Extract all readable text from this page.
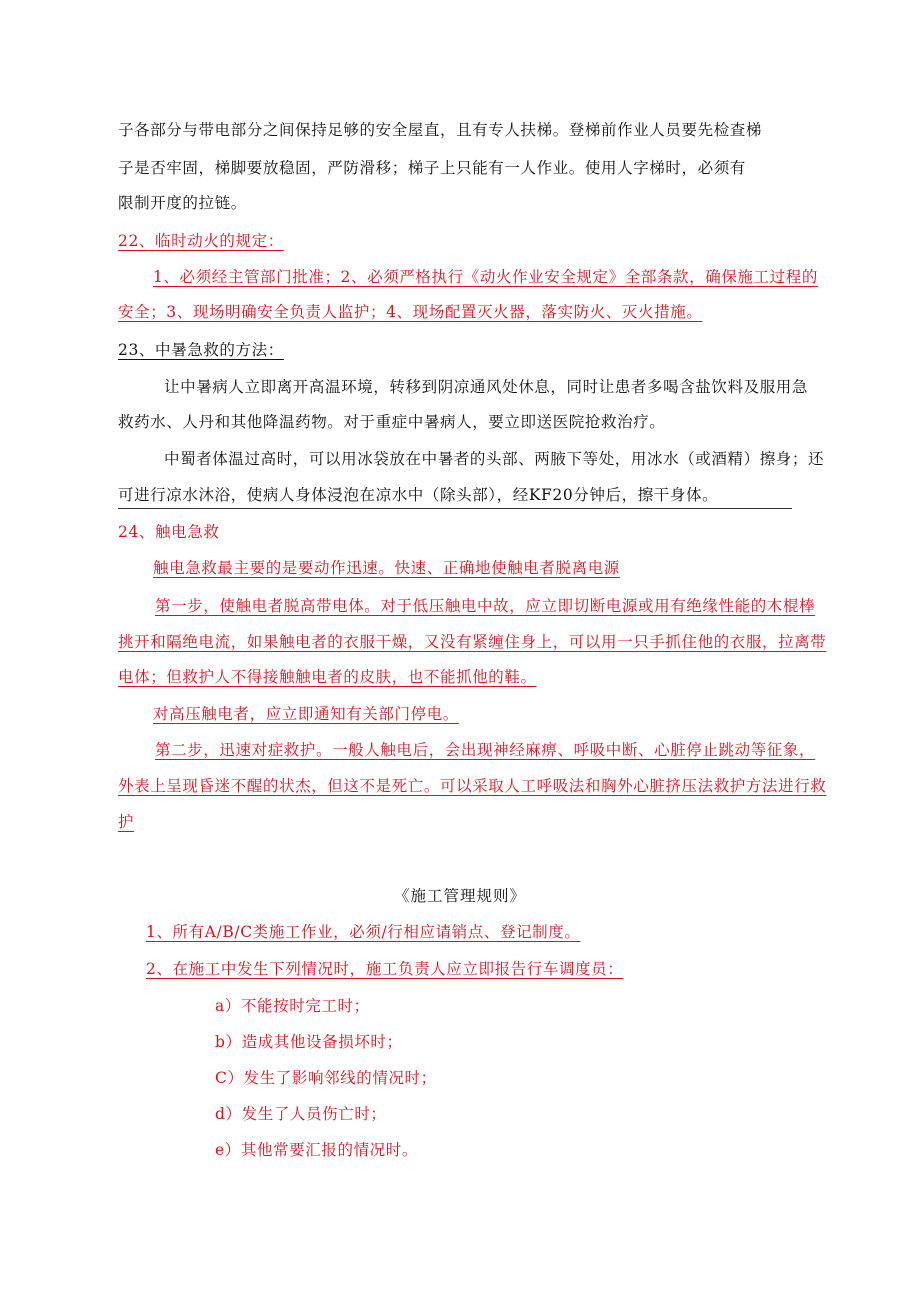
子各部分与带电部分之间保持足够的安全屋直，且有专人扶梯。登梯前作业人员要先检查梯
子是否牢固，梯脚要放稳固，严防滑移；梯子上只能有一人作业。使用人字梯时，必须有
限制开度的拉链。
22、临时动火的规定：
1、必须经主管部门批准；2、必须严格执行《动火作业安全规定》全部条款，确保施工过程的
安全；3、现场明确安全负责人监护；4、现场配置灭火器，落实防火、灭火措施。
23、中暑急救的方法：
让中暑病人立即离开高温环境，转移到阴凉通风处休息，同时让患者多喝含盐饮料及服用急
救药水、人丹和其他降温药物。对于重症中暑病人，要立即送医院抢救治疗。
中蜀者体温过高时，可以用冰袋放在中暑者的头部、两腋下等处，用冰水（或酒精）擦身；还
可进行凉水沐浴，使病人身体浸泡在凉水中（除头部），经KF20分钟后，擦干身体。
24、触电急救
触电急救最主要的是要动作迅速。快速、正确地使触电者脱离电源
第一步，使触电者脱高带电体。对于低压触电中故，应立即切断电源或用有绝缘性能的木棍棒
挑开和隔绝电流，如果触电者的衣服干燥，又没有紧缠住身上，可以用一只手抓住他的衣服，拉离带
电体；但救护人不得接触触电者的皮肤，也不能抓他的鞋。
对高压触电者，应立即通知有关部门停电。
第二步，迅速对症救护。一般人触电后，会出现神经麻痹、呼吸中断、心脏停止跳动等征象，
外表上呈现昏迷不醒的状杰，但这不是死亡。可以采取人工呼吸法和胸外心脏挤压法救护方法进行救
护
《施工管理规则》
1、所有A/B/C类施工作业，必须/行相应请销点、登记制度。
2、在施工中发生下列情况时，施工负责人应立即报告行车调度员：
a）不能按时完工时；
b）造成其他设备损坏时；
C）发生了影响邻线的情况时；
d）发生了人员伤亡时；
e）其他常要汇报的情况时。
